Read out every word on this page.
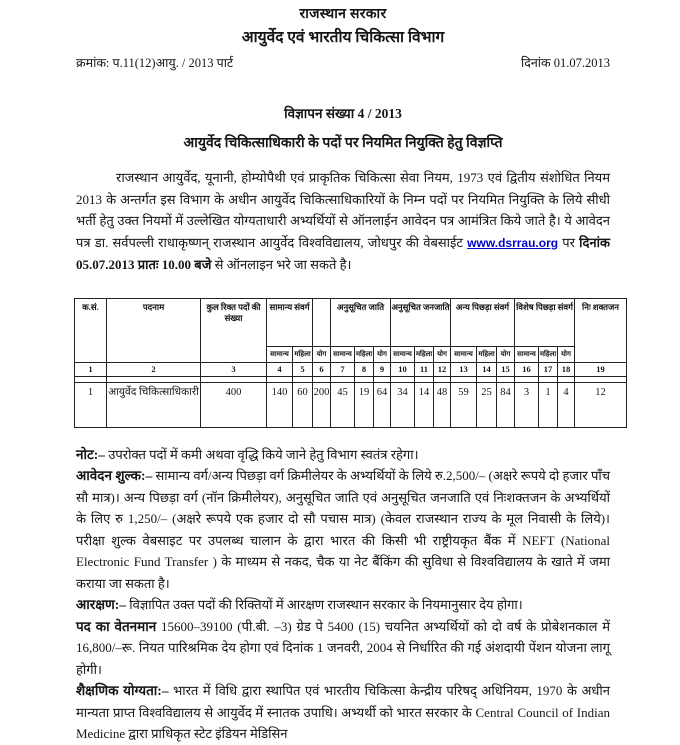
राजस्थान सरकार
आयुर्वेद एवं भारतीय चिकित्सा विभाग
क्रमांक: प.11(12)आयु. / 2013 पार्ट	दिनांक 01.07.2013
विज्ञापन संख्या 4 / 2013
आयुर्वेद चिकित्साधिकारी के पदों पर नियमित नियुक्ति हेतु विज्ञप्ति

राजस्थान आयुर्वेद, यूनानी, होम्योपैथी एवं प्राकृतिक चिकित्सा सेवा नियम, 1973 एवं द्वितीय संशोधित नियम 2013 के अन्तर्गत इस विभाग के अधीन आयुर्वेद चिकित्साधिकारियों के निम्न पदों पर नियमित नियुक्ति के लिये सीधी भर्ती हेतु उक्त नियमों में उल्लेखित योग्यताधारी अभ्यर्थियों से ऑनलाईन आवेदन पत्र आमंत्रित किये जाते है। ये आवेदन पत्र डा. सर्वपल्ली राधाकृष्णन् राजस्थान आयुर्वेद विश्वविद्यालय, जोधपुर की वेबसाईट www.dsrrau.org पर दिनांक 05.07.2013 प्रातः 10.00 बजे से ऑनलाइन भरे जा सकते है।

क.सं.	पदनाम	कुल रिक्त पदों की संख्या	सामान्य संवर्ग			अनुसूचित जाति			अनुसूचित जनजाति			अन्य पिछड़ा संवर्ग			विशेष पिछड़ा संवर्ग			निः शक्तजन
			सामान्य	महिला	योग	सामान्य	महिला	योग	सामान्य	महिला	योग	सामान्य	महिला	योग	सामान्य	महिला	योग	
1	2	3	4	5	6	7	8	9	10	11	12	13	14	15	16	17	18	19

1	आयुर्वेद चिकित्साधिकारी	400	140	60	200	45	19	64	34	14	48	59	25	84	3	1	4	12

नोट:– उपरोक्त पदों में कमी अथवा वृद्धि किये जाने हेतु विभाग स्वतंत्र रहेगा।

आवेदन शुल्क:– सामान्य वर्ग/अन्य पिछड़ा वर्ग क्रिमीलेयर के अभ्यर्थियों के लिये रु.2,500/– (अक्षरे रूपये दो हजार पाँच सौ मात्र)। अन्य पिछड़ा वर्ग (नॉन क्रिमीलेयर), अनुसूचित जाति एवं अनुसूचित जनजाति एवं निःशक्तजन के अभ्यर्थियों के लिए रु 1,250/– (अक्षरे रूपये एक हजार दो सौ पचास मात्र) (केवल राजस्थान राज्य के मूल निवासी के लिये)। परीक्षा शुल्क वेबसाइट पर उपलब्ध चालान के द्वारा भारत की किसी भी राष्ट्रीयकृत बैंक में NEFT (National Electronic Fund Transfer ) के माध्यम से नकद, चैक या नेट बैंकिंग की सुविधा से विश्वविद्यालय के खाते में जमा कराया जा सकता है।

आरक्षण:– विज्ञापित उक्त पदों की रिक्तियों में आरक्षण राजस्थान सरकार के नियमानुसार देय होगा।

पद का वेतनमान 15600–39100 (पी.बी. –3) ग्रेड पे 5400 (15) चयनित अभ्यर्थियों को दो वर्ष के प्रोबेशनकाल में 16,800/–रू. नियत पारिश्रमिक देय होगा एवं दिनांक 1 जनवरी, 2004 से निर्धारित की गई अंशदायी पेंशन योजना लागू होगी।

शैक्षणिक योग्यता:– भारत में विधि द्वारा स्थापित एवं भारतीय चिकित्सा केन्द्रीय परिषद् अधिनियम, 1970 के अधीन मान्यता प्राप्त विश्वविद्यालय से आयुर्वेद में स्नातक उपाधि। अभ्यर्थी को भारत सरकार के Central Council of Indian Medicine द्वारा प्राधिकृत स्टेट इंडियन मेडिसिन
